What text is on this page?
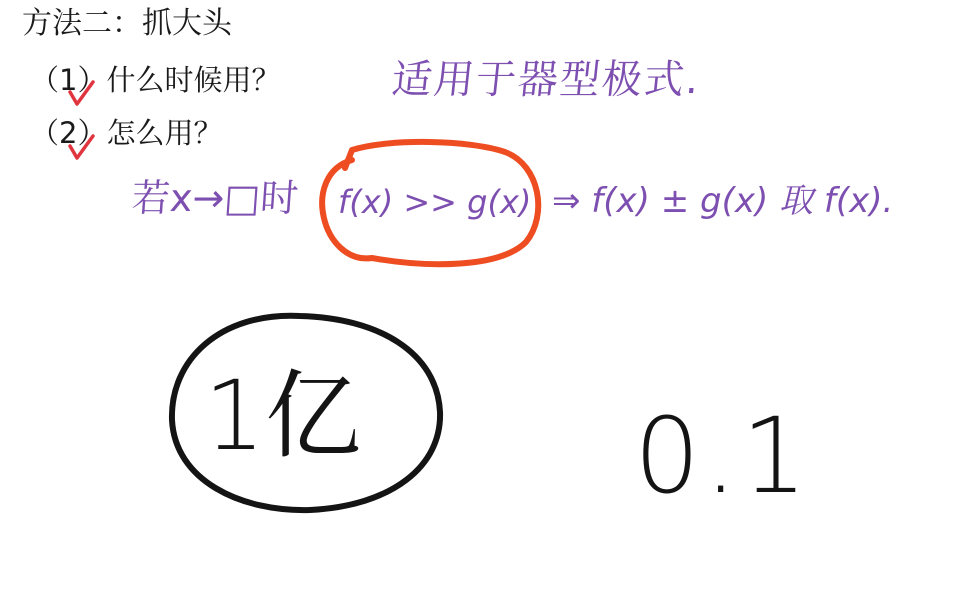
方法二：抓大头
（1）什么时候用？
（2）怎么用？
适用于器型极式.
若x→□时 f(x) >> g(x) ⇒ f(x) ± g(x) 取 f(x).
1亿	0.1
